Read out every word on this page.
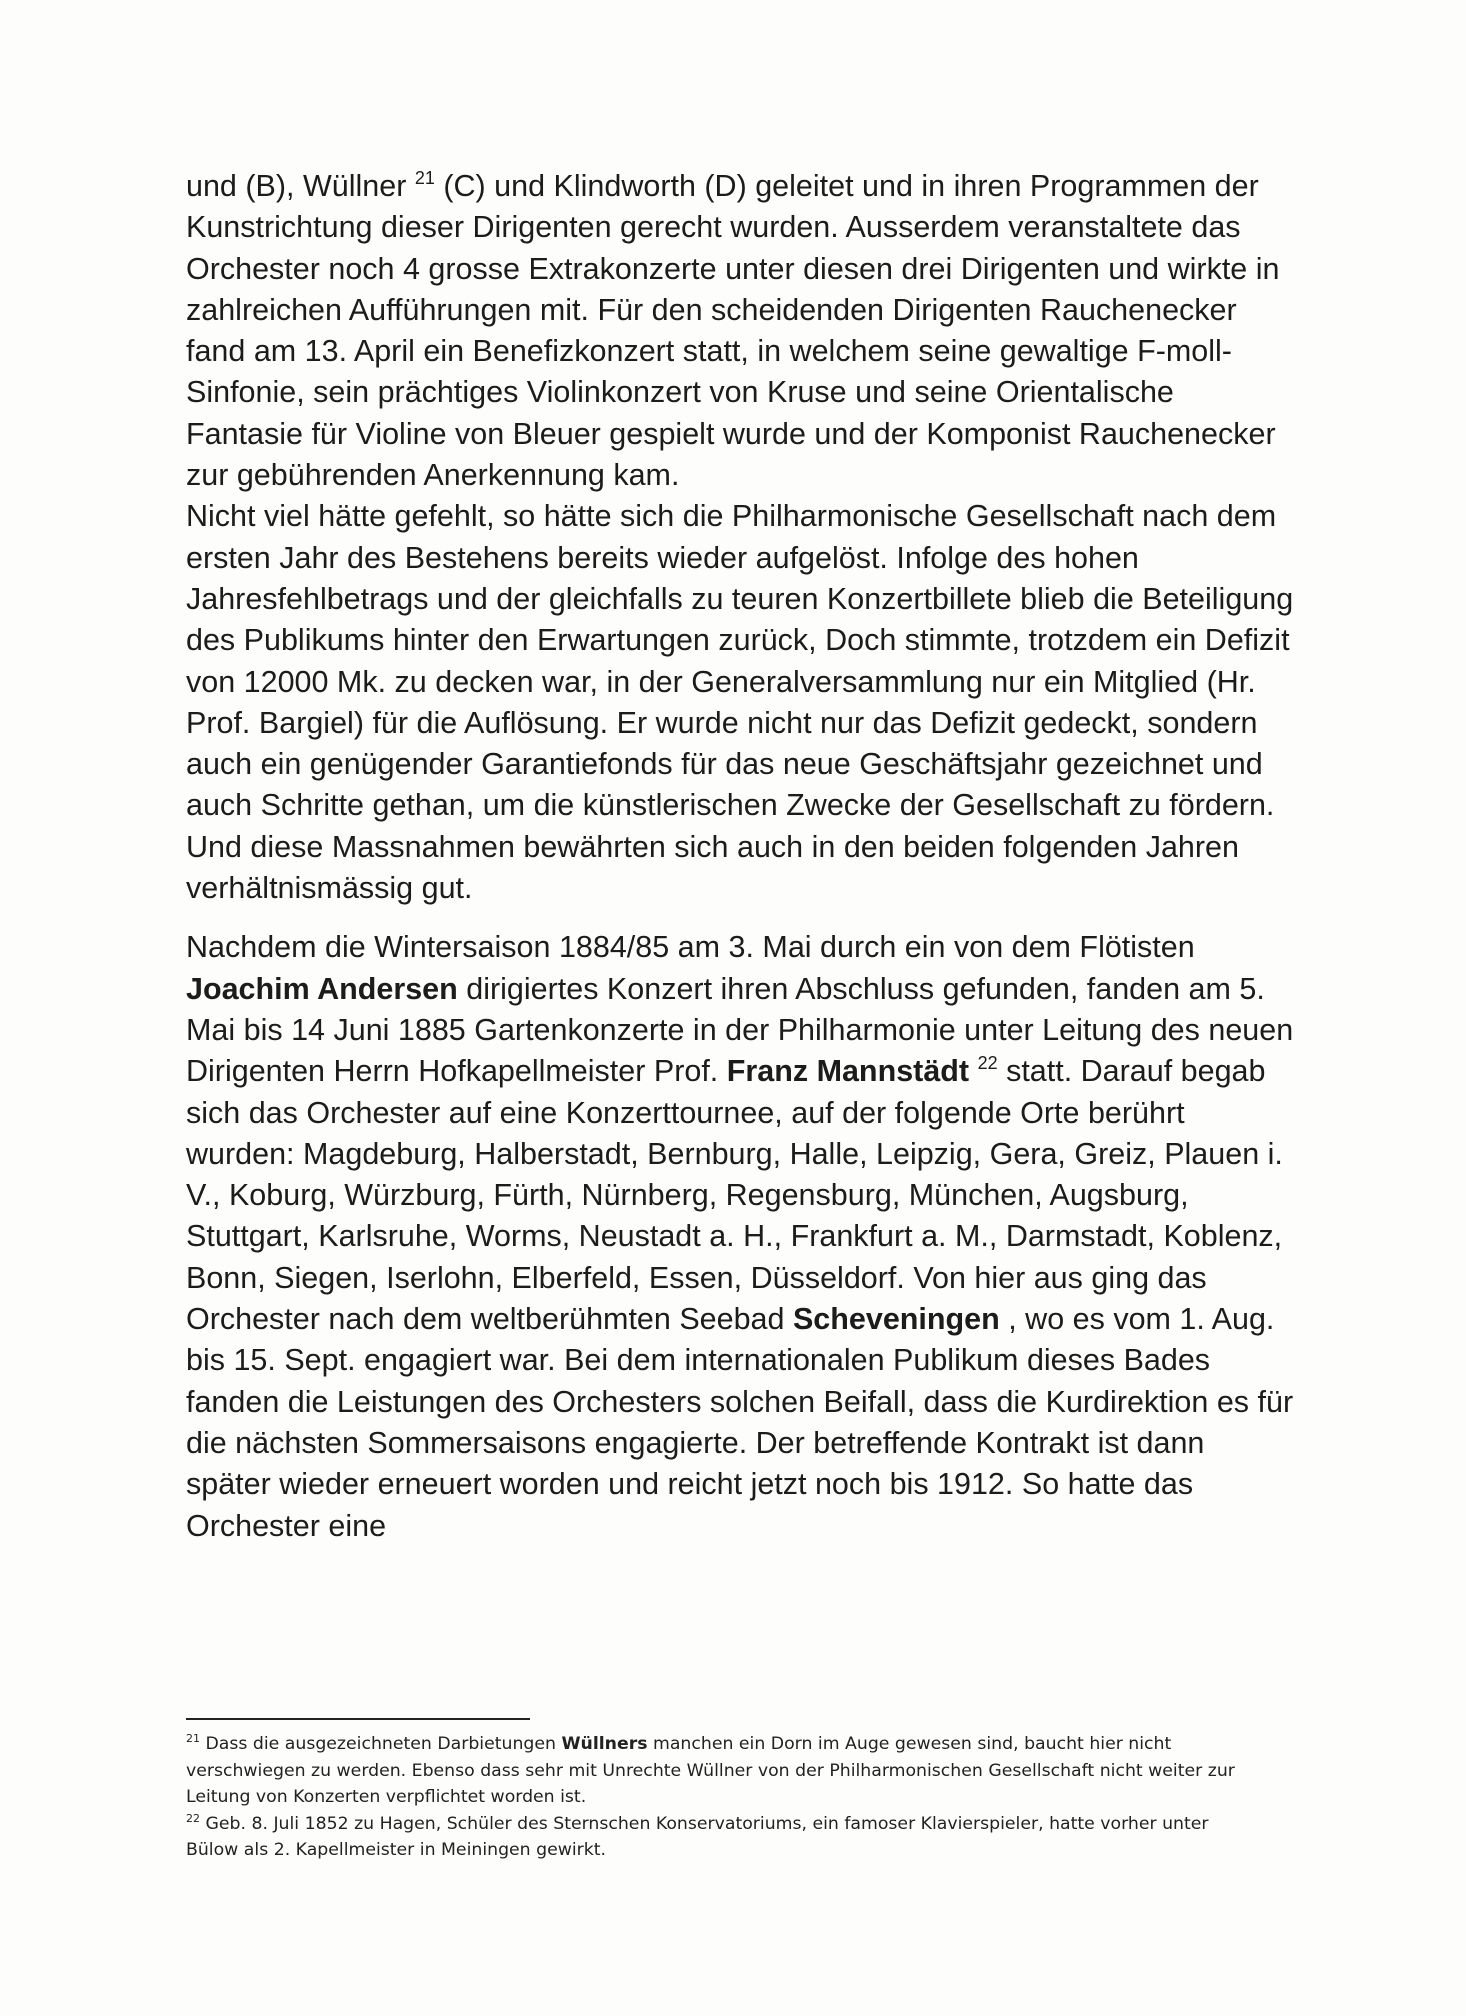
und (B), Wüllner $^{21}$ (C) und Klindworth (D) geleitet und in ihren Programmen der Kunstrichtung dieser Dirigenten gerecht wurden. Ausserdem veranstaltete das Orchester noch 4 grosse Extrakonzerte unter diesen drei Dirigenten und wirkte in zahlreichen Aufführungen mit. Für den scheidenden Dirigenten Rauchenecker fand am 13. April ein Benefizkonzert statt, in welchem seine gewaltige F-moll-Sinfonie, sein prächtiges Violinkonzert von Kruse und seine Orientalische Fantasie für Violine von Bleuer gespielt wurde und der Komponist Rauchenecker zur gebührenden Anerkennung kam.

Nicht viel hätte gefehlt, so hätte sich die Philharmonische Gesellschaft nach dem ersten Jahr des Bestehens bereits wieder aufgelöst. Infolge des hohen Jahresfehlbetrags und der gleichfalls zu teuren Konzertbillete blieb die Beteiligung des Publikums hinter den Erwartungen zurück, Doch stimmte, trotzdem ein Defizit von 12000 Mk. zu decken war, in der Generalversammlung nur ein Mitglied (Hr. Prof. Bargiel) für die Auflösung. Er wurde nicht nur das Defizit gedeckt, sondern auch ein genügender Garantiefonds für das neue Geschäftsjahr gezeichnet und auch Schritte gethan, um die künstlerischen Zwecke der Gesellschaft zu fördern. Und diese Massnahmen bewährten sich auch in den beiden folgenden Jahren verhältnismässig gut.

Nachdem die Wintersaison 1884/85 am 3. Mai durch ein von dem Flötisten Joachim Andersen dirigiertes Konzert ihren Abschluss gefunden, fanden am 5. Mai bis 14 Juni 1885 Gartenkonzerte in der Philharmonie unter Leitung des neuen Dirigenten Herrn Hofkapellmeister Prof. Franz Mannstädt $^{22}$ statt. Darauf begab sich das Orchester auf eine Konzerttournee, auf der folgende Orte berührt wurden: Magdeburg, Halberstadt, Bernburg, Halle, Leipzig, Gera, Greiz, Plauen i. V., Koburg, Würzburg, Fürth, Nürnberg, Regensburg, München, Augsburg, Stuttgart, Karlsruhe, Worms, Neustadt a. H., Frankfurt a. M., Darmstadt, Koblenz, Bonn, Siegen, Iserlohn, Elberfeld, Essen, Düsseldorf. Von hier aus ging das Orchester nach dem weltberühmten Seebad Scheveningen , wo es vom 1. Aug. bis 15. Sept. engagiert war. Bei dem internationalen Publikum dieses Bades fanden die Leistungen des Orchesters solchen Beifall, dass die Kurdirektion es für die nächsten Sommersaisons engagierte. Der betreffende Kontrakt ist dann später wieder erneuert worden und reicht jetzt noch bis 1912. So hatte das Orchester eine

$^{21}$ Dass die ausgezeichneten Darbietungen Wüllners manchen ein Dorn im Auge gewesen sind, baucht hier nicht verschwiegen zu werden. Ebenso dass sehr mit Unrechte Wüllner von der Philharmonischen Gesellschaft nicht weiter zur Leitung von Konzerten verpflichtet worden ist.

$^{22}$ Geb. 8. Juli 1852 zu Hagen, Schüler des Sternschen Konservatoriums, ein famoser Klavierspieler, hatte vorher unter Bülow als 2. Kapellmeister in Meiningen gewirkt.
